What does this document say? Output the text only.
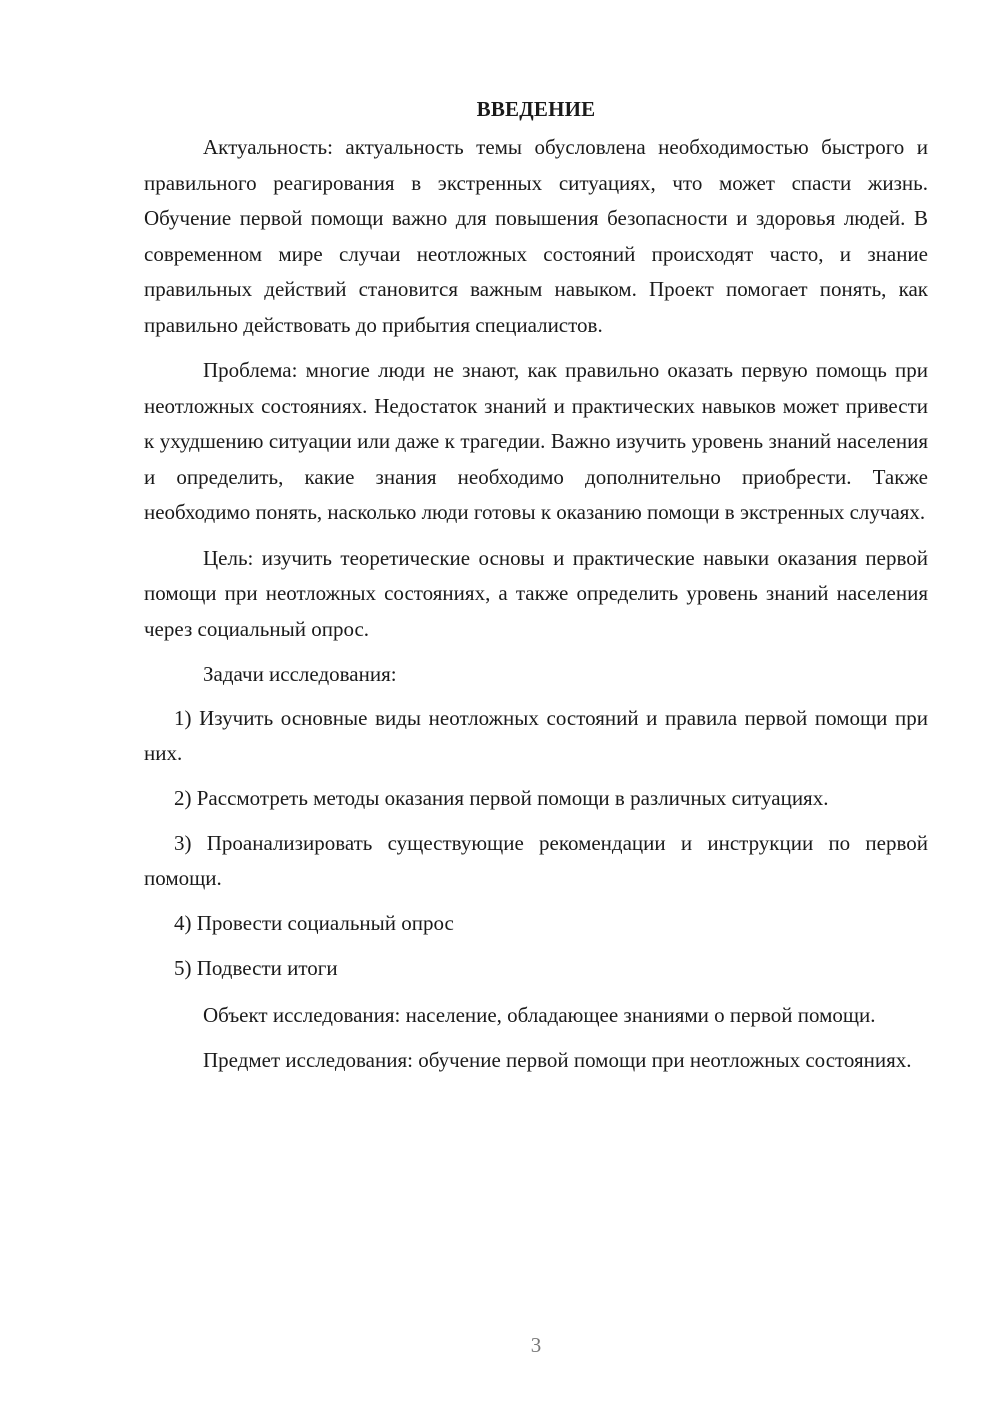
ВВЕДЕНИЕ

Актуальность: актуальность темы обусловлена необходимостью быстрого и правильного реагирования в экстренных ситуациях, что может спасти жизнь. Обучение первой помощи важно для повышения безопасности и здоровья людей. В современном мире случаи неотложных состояний происходят часто, и знание правильных действий становится важным навыком. Проект помогает понять, как правильно действовать до прибытия специалистов.

Проблема: многие люди не знают, как правильно оказать первую помощь при неотложных состояниях. Недостаток знаний и практических навыков может привести к ухудшению ситуации или даже к трагедии. Важно изучить уровень знаний населения и определить, какие знания необходимо дополнительно приобрести. Также необходимо понять, насколько люди готовы к оказанию помощи в экстренных случаях.

Цель: изучить теоретические основы и практические навыки оказания первой помощи при неотложных состояниях, а также определить уровень знаний населения через социальный опрос.

Задачи исследования:

1) Изучить основные виды неотложных состояний и правила первой помощи при них.

2) Рассмотреть методы оказания первой помощи в различных ситуациях.

3) Проанализировать существующие рекомендации и инструкции по первой помощи.

4) Провести социальный опрос

5) Подвести итоги

Объект исследования: население, обладающее знаниями о первой помощи.

Предмет исследования: обучение первой помощи при неотложных состояниях.

3
